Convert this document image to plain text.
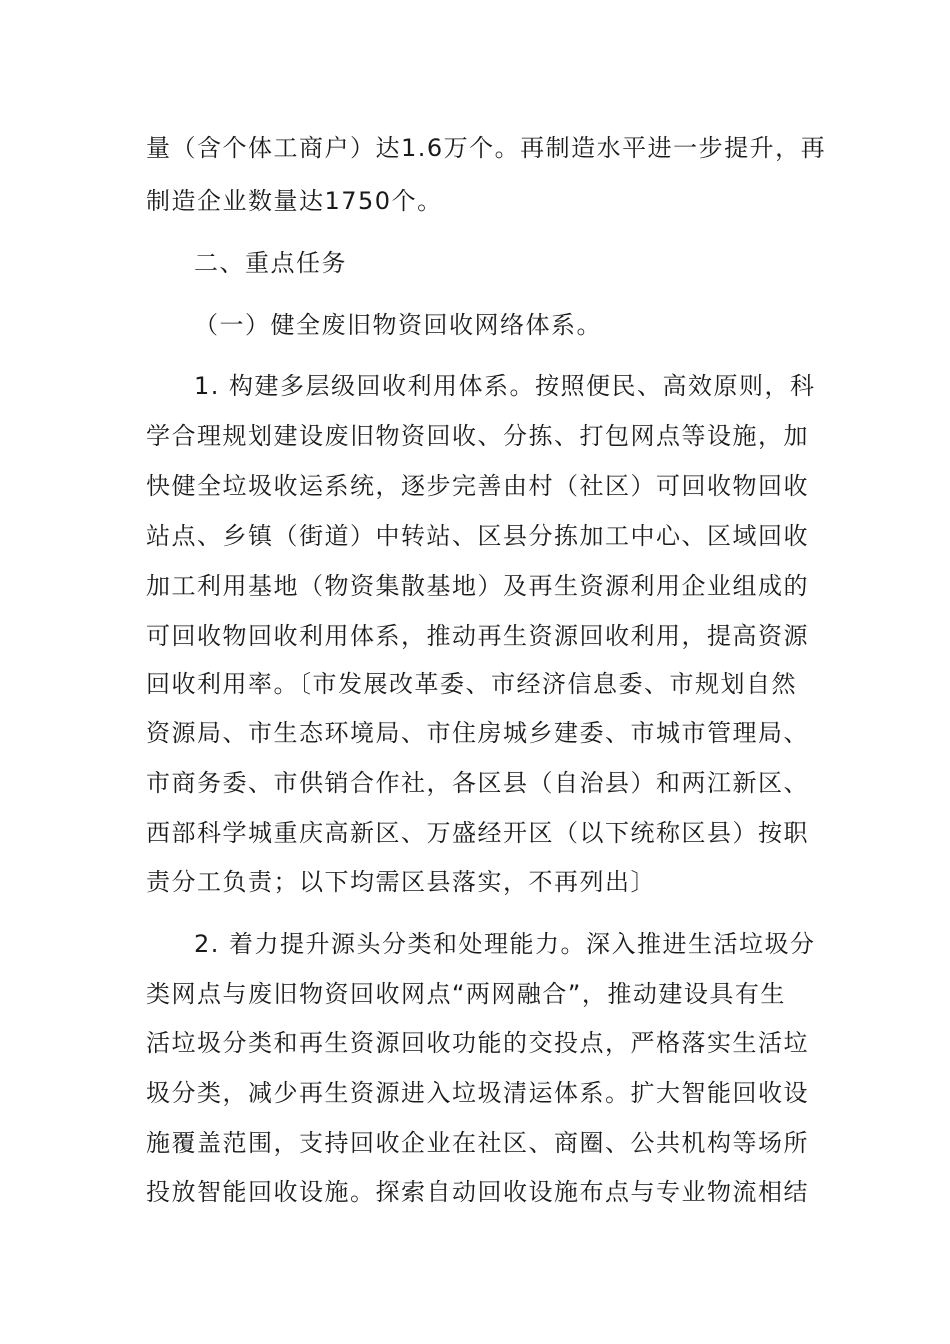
量（含个体工商户）达1.6万个。再制造水平进一步提升，再
制造企业数量达1750个。
二、重点任务
（一）健全废旧物资回收网络体系。
1. 构建多层级回收利用体系。按照便民、高效原则，科
学合理规划建设废旧物资回收、分拣、打包网点等设施，加
快健全垃圾收运系统，逐步完善由村（社区）可回收物回收
站点、乡镇（街道）中转站、区县分拣加工中心、区域回收
加工利用基地（物资集散基地）及再生资源利用企业组成的
可回收物回收利用体系，推动再生资源回收利用，提高资源
回收利用率。〔市发展改革委、市经济信息委、市规划自然
资源局、市生态环境局、市住房城乡建委、市城市管理局、
市商务委、市供销合作社，各区县（自治县）和两江新区、
西部科学城重庆高新区、万盛经开区（以下统称区县）按职
责分工负责；以下均需区县落实，不再列出〕
2. 着力提升源头分类和处理能力。深入推进生活垃圾分
类网点与废旧物资回收网点“两网融合”，推动建设具有生
活垃圾分类和再生资源回收功能的交投点，严格落实生活垃
圾分类，减少再生资源进入垃圾清运体系。扩大智能回收设
施覆盖范围，支持回收企业在社区、商圈、公共机构等场所
投放智能回收设施。探索自动回收设施布点与专业物流相结
